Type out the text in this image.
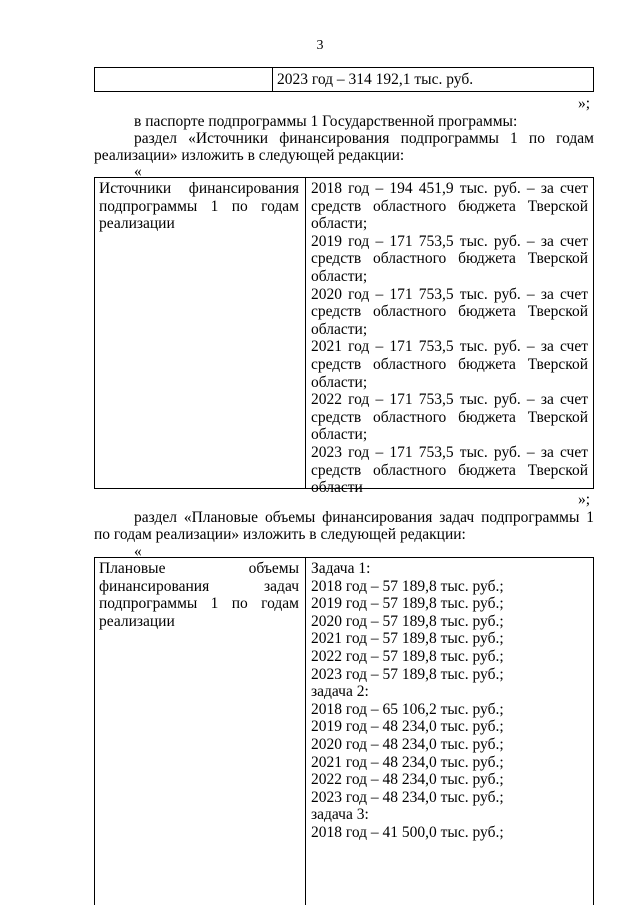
3
2023 год – 314 192,1 тыс. руб.
»;
в паспорте подпрограммы 1 Государственной программы:
раздел «Источники финансирования подпрограммы 1 по годам
реализации» изложить в следующей редакции:
«
Источники финансирования
подпрограммы 1 по годам
реализации
2018 год – 194 451,9 тыс. руб. – за счет
средств областного бюджета Тверской
области;
2019 год – 171 753,5 тыс. руб. – за счет
средств областного бюджета Тверской
области;
2020 год – 171 753,5 тыс. руб. – за счет
средств областного бюджета Тверской
области;
2021 год – 171 753,5 тыс. руб. – за счет
средств областного бюджета Тверской
области;
2022 год – 171 753,5 тыс. руб. – за счет
средств областного бюджета Тверской
области;
2023 год – 171 753,5 тыс. руб. – за счет
средств областного бюджета Тверской
области
»;
раздел «Плановые объемы финансирования задач подпрограммы 1
по годам реализации» изложить в следующей редакции:
«
Плановые объемы
финансирования задач
подпрограммы 1 по годам
реализации
Задача 1:
2018 год – 57 189,8 тыс. руб.;
2019 год – 57 189,8 тыс. руб.;
2020 год – 57 189,8 тыс. руб.;
2021 год – 57 189,8 тыс. руб.;
2022 год – 57 189,8 тыс. руб.;
2023 год – 57 189,8 тыс. руб.;
задача 2:
2018 год – 65 106,2 тыс. руб.;
2019 год – 48 234,0 тыс. руб.;
2020 год – 48 234,0 тыс. руб.;
2021 год – 48 234,0 тыс. руб.;
2022 год – 48 234,0 тыс. руб.;
2023 год – 48 234,0 тыс. руб.;
задача 3:
2018 год – 41 500,0 тыс. руб.;
